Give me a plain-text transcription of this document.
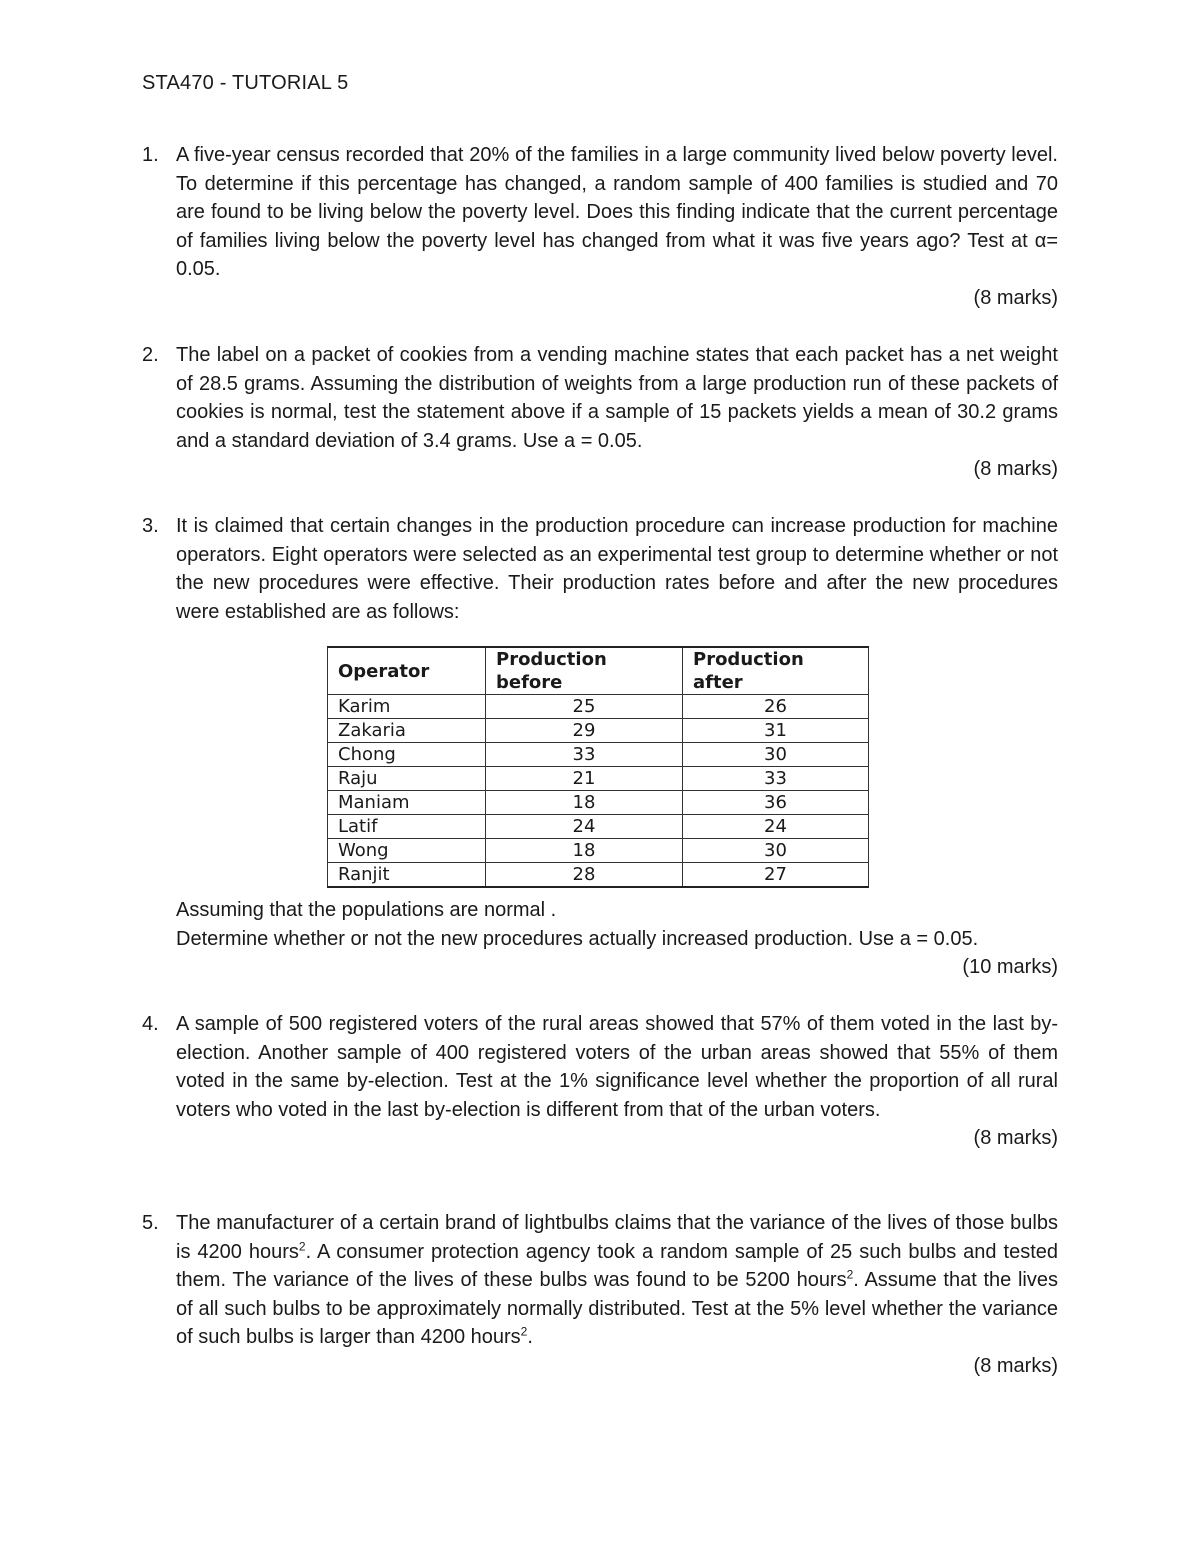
STA470 - TUTORIAL 5
1. A five-year census recorded that 20% of the families in a large community lived below poverty level. To determine if this percentage has changed, a random sample of 400 families is studied and 70 are found to be living below the poverty level. Does this finding indicate that the current percentage of families living below the poverty level has changed from what it was five years ago? Test at α= 0.05.

(8 marks)
2. The label on a packet of cookies from a vending machine states that each packet has a net weight of 28.5 grams. Assuming the distribution of weights from a large production run of these packets of cookies is normal, test the statement above if a sample of 15 packets yields a mean of 30.2 grams and a standard deviation of 3.4 grams. Use a = 0.05.

(8 marks)
3. It is claimed that certain changes in the production procedure can increase production for machine operators. Eight operators were selected as an experimental test group to determine whether or not the new procedures were effective. Their production rates before and after the new procedures were established are as follows:

Operator	Production before	Production after
Karim	25	26
Zakaria	29	31
Chong	33	30
Raju	21	33
Maniam	18	36
Latif	24	24
Wong	18	30
Ranjit	28	27

Assuming that the populations are normal .

Determine whether or not the new procedures actually increased production. Use a = 0.05.

(10 marks)
4. A sample of 500 registered voters of the rural areas showed that 57% of them voted in the last by-election. Another sample of 400 registered voters of the urban areas showed that 55% of them voted in the same by-election. Test at the 1% significance level whether the proportion of all rural voters who voted in the last by-election is different from that of the urban voters.

(8 marks)
5. The manufacturer of a certain brand of lightbulbs claims that the variance of the lives of those bulbs is 4200 hours$^2$. A consumer protection agency took a random sample of 25 such bulbs and tested them. The variance of the lives of these bulbs was found to be 5200 hours$^2$. Assume that the lives of all such bulbs to be approximately normally distributed. Test at the 5% level whether the variance of such bulbs is larger than 4200 hours$^2$.

(8 marks)
